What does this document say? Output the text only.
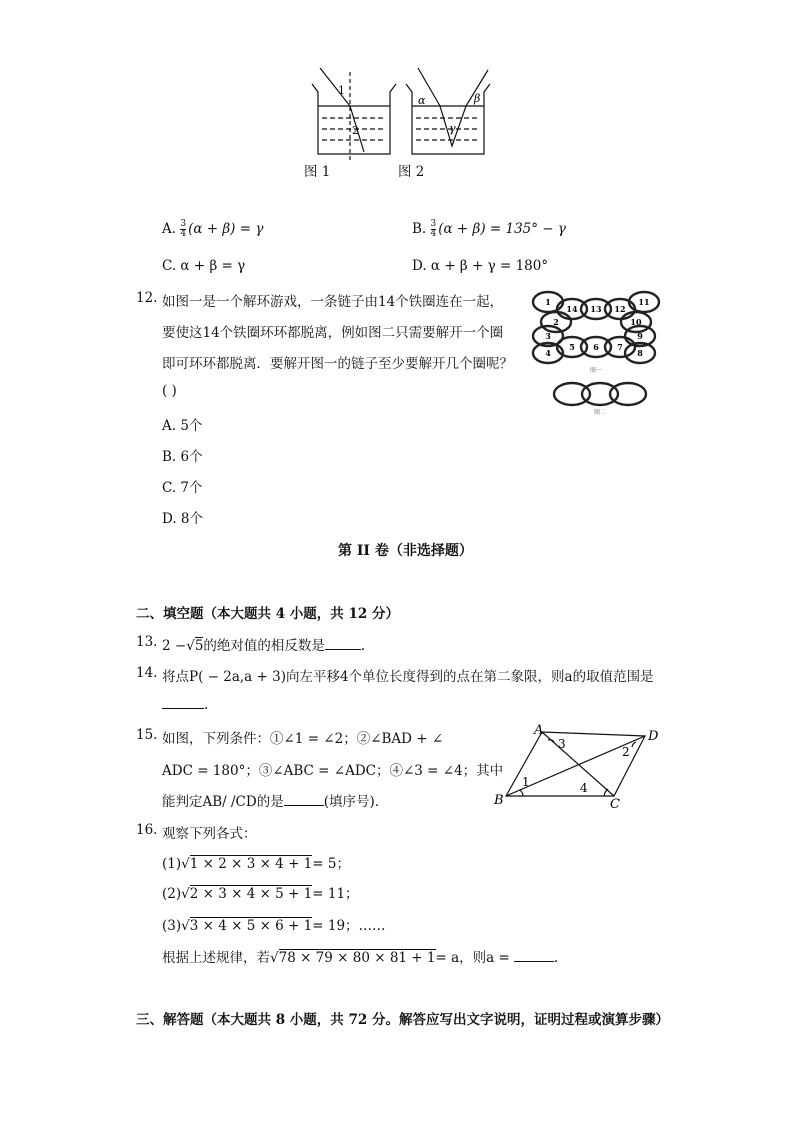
1
2
α	β
γ
图 1	图 2
A. $\frac{3}{4} (\alpha + \beta) = \gamma$	B. $\frac{3}{4} (\alpha + \beta) = 135^\circ - \gamma$
C. α + β = γ	D. α + β + γ = 180°
12. 如图一是一个解环游戏，一条链子由14个铁圈连在一起，
要使这14个铁圈环环都脱离，例如图二只需要解开一个圈
即可环环都脱离．要解开图一的链子至少要解开几个圈呢？
( )
A. 5个
B. 6个
C. 7个
D. 8个
1
14 13 12
11
2	10
3	9
4
5 6 7
8
图一
图二
第 II 卷（非选择题）
二、填空题（本大题共 4 小题，共 12 分）
13. 2 −√5的绝对值的相反数是	.
14. 将点P( − 2a,a + 3)向左平移4个单位长度得到的点在第二象限，则a的取值范围是
.
15. 如图，下列条件：①∠1 = ∠2；②∠BAD + ∠
ADC = 180°；③∠ABC = ∠ADC；④∠3 = ∠4；其中
能判定AB/ /CD的是	(填序号)．
A	D
B	C
1
2
3
4
16. 观察下列各式：
(1)√1 × 2 × 3 × 4 + 1= 5；
(2)√2 × 3 × 4 × 5 + 1= 11；
(3)√3 × 4 × 5 × 6 + 1= 19；……
根据上述规律，若√78 × 79 × 80 × 81 + 1= a，则a =	.
三、解答题（本大题共 8 小题，共 72 分。解答应写出文字说明，证明过程或演算步骤）
